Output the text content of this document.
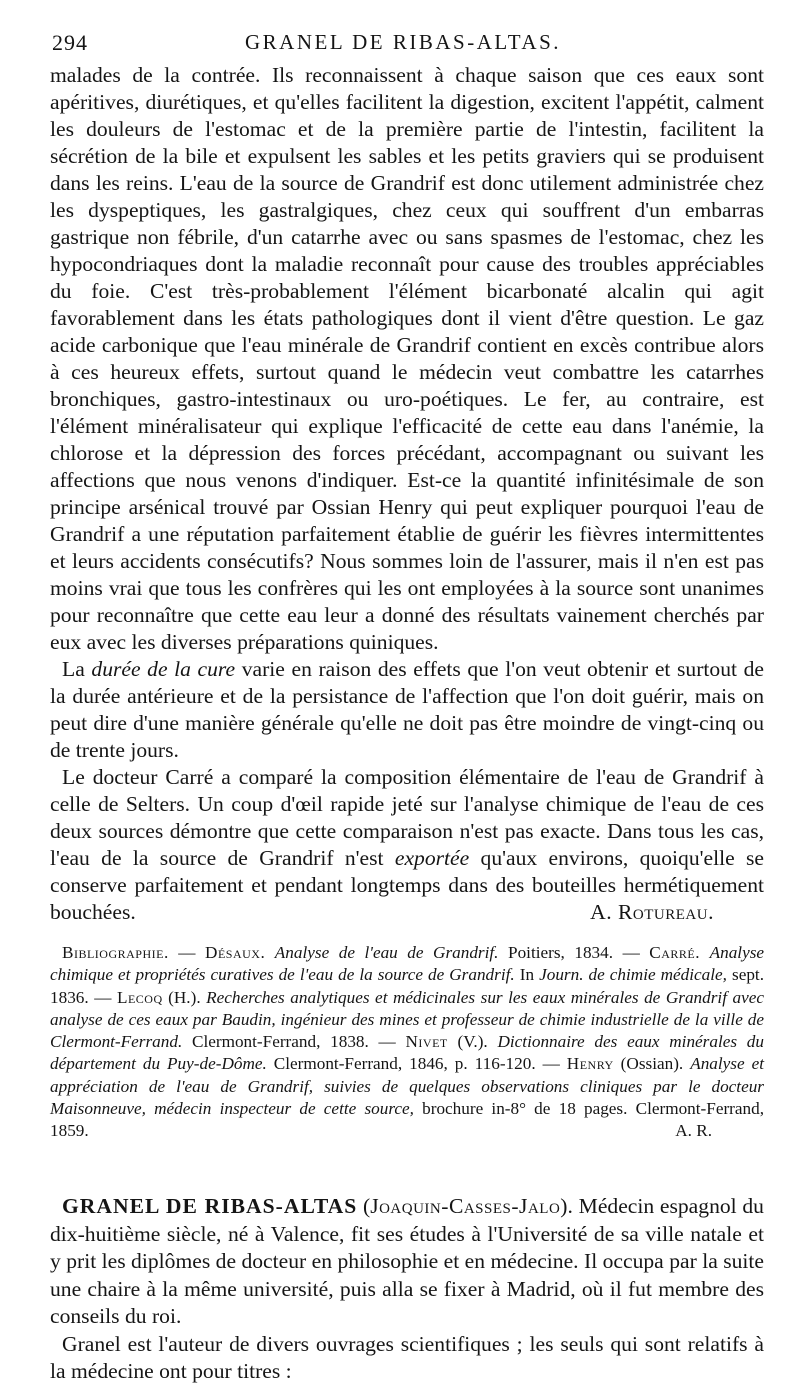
294	GRANEL DE RIBAS-ALTAS.

malades de la contrée. Ils reconnaissent à chaque saison que ces eaux sont apéritives, diurétiques, et qu'elles facilitent la digestion, excitent l'appétit, calment les douleurs de l'estomac et de la première partie de l'intestin, facilitent la sécrétion de la bile et expulsent les sables et les petits graviers qui se produisent dans les reins. L'eau de la source de Grandrif est donc utilement administrée chez les dyspeptiques, les gastralgiques, chez ceux qui souffrent d'un embarras gastrique non fébrile, d'un catarrhe avec ou sans spasmes de l'estomac, chez les hypocondriaques dont la maladie reconnaît pour cause des troubles appréciables du foie. C'est très-probablement l'élément bicarbonaté alcalin qui agit favorablement dans les états pathologiques dont il vient d'être question. Le gaz acide carbonique que l'eau minérale de Grandrif contient en excès contribue alors à ces heureux effets, surtout quand le médecin veut combattre les catarrhes bronchiques, gastro-intestinaux ou uro-poétiques. Le fer, au contraire, est l'élément minéralisateur qui explique l'efficacité de cette eau dans l'anémie, la chlorose et la dépression des forces précédant, accompagnant ou suivant les affections que nous venons d'indiquer. Est-ce la quantité infinitésimale de son principe arsénical trouvé par Ossian Henry qui peut expliquer pourquoi l'eau de Grandrif a une réputation parfaitement établie de guérir les fièvres intermittentes et leurs accidents consécutifs? Nous sommes loin de l'assurer, mais il n'en est pas moins vrai que tous les confrères qui les ont employées à la source sont unanimes pour reconnaître que cette eau leur a donné des résultats vainement cherchés par eux avec les diverses préparations quiniques.

La durée de la cure varie en raison des effets que l'on veut obtenir et surtout de la durée antérieure et de la persistance de l'affection que l'on doit guérir, mais on peut dire d'une manière générale qu'elle ne doit pas être moindre de vingt-cinq ou de trente jours.

Le docteur Carré a comparé la composition élémentaire de l'eau de Grandrif à celle de Selters. Un coup d'œil rapide jeté sur l'analyse chimique de l'eau de ces deux sources démontre que cette comparaison n'est pas exacte. Dans tous les cas, l'eau de la source de Grandrif n'est exportée qu'aux environs, quoiqu'elle se conserve parfaitement et pendant longtemps dans des bouteilles hermétiquement bouchées.	A. Rotureau.

Bibliographie. — Désaux. Analyse de l'eau de Grandrif. Poitiers, 1834. — Carré. Analyse chimique et propriétés curatives de l'eau de la source de Grandrif. In Journ. de chimie médicale, sept. 1836. — Lecoq (H.). Recherches analytiques et médicinales sur les eaux minérales de Grandrif avec analyse de ces eaux par Baudin, ingénieur des mines et professeur de chimie industrielle de la ville de Clermont-Ferrand. Clermont-Ferrand, 1838. — Nivet (V.). Dictionnaire des eaux minérales du département du Puy-de-Dôme. Clermont-Ferrand, 1846, p. 116-120. — Henry (Ossian). Analyse et appréciation de l'eau de Grandrif, suivies de quelques observations cliniques par le docteur Maisonneuve, médecin inspecteur de cette source, brochure in-8° de 18 pages. Clermont-Ferrand, 1859.	A. R.

GRANEL DE RIBAS-ALTAS (Joaquin-Casses-Jalo). Médecin espagnol du dix-huitième siècle, né à Valence, fit ses études à l'Université de sa ville natale et y prit les diplômes de docteur en philosophie et en médecine. Il occupa par la suite une chaire à la même université, puis alla se fixer à Madrid, où il fut membre des conseils du roi.

Granel est l'auteur de divers ouvrages scientifiques ; les seuls qui sont relatifs à la médecine ont pour titres :
